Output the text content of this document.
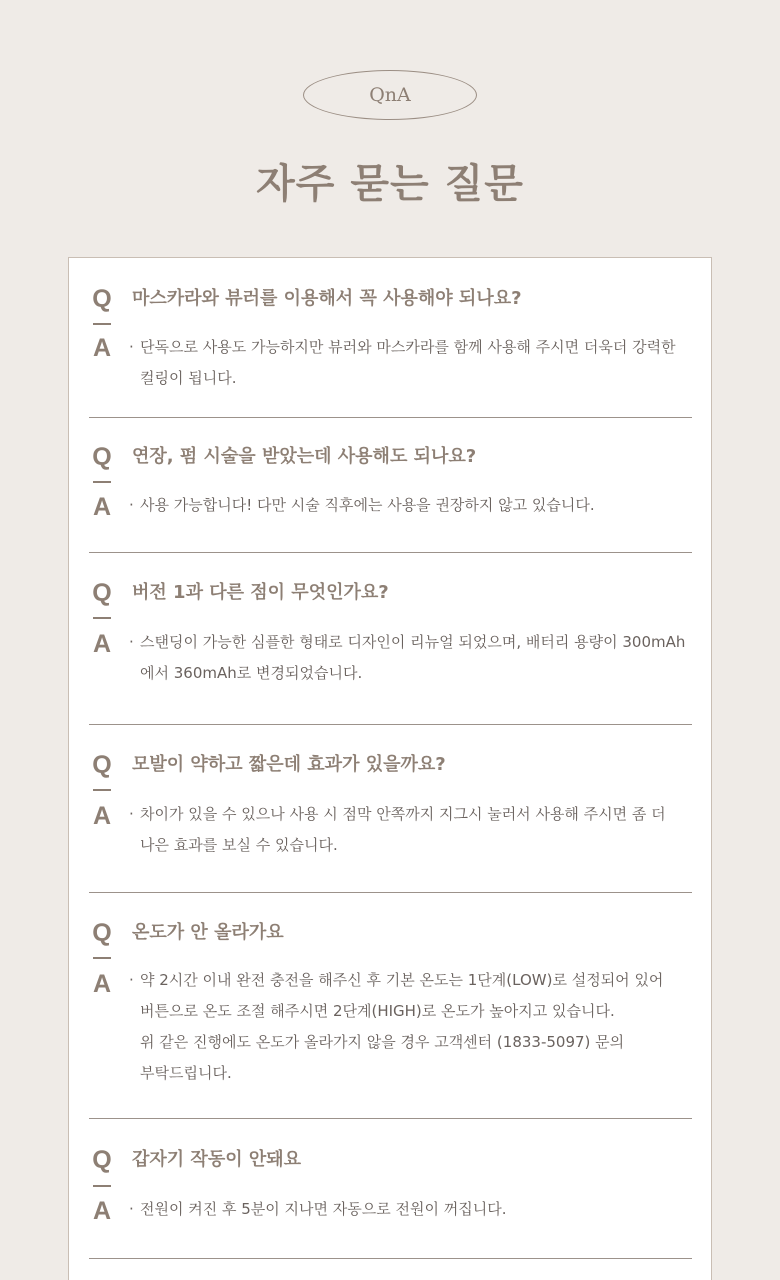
QnA
자주 묻는 질문
Q 마스카라와 뷰러를 이용해서 꼭 사용해야 되나요?
A · 단독으로 사용도 가능하지만 뷰러와 마스카라를 함께 사용해 주시면 더욱더 강력한
컬링이 됩니다.
Q 연장, 펌 시술을 받았는데 사용해도 되나요?
A · 사용 가능합니다! 다만 시술 직후에는 사용을 권장하지 않고 있습니다.
Q 버전 1과 다른 점이 무엇인가요?
A · 스탠딩이 가능한 심플한 형태로 디자인이 리뉴얼 되었으며, 배터리 용량이 300mAh
에서 360mAh로 변경되었습니다.
Q 모발이 약하고 짧은데 효과가 있을까요?
A · 차이가 있을 수 있으나 사용 시 점막 안쪽까지 지그시 눌러서 사용해 주시면 좀 더
나은 효과를 보실 수 있습니다.
Q 온도가 안 올라가요
A · 약 2시간 이내 완전 충전을 해주신 후 기본 온도는 1단계(LOW)로 설정되어 있어
버튼으로 온도 조절 해주시면 2단계(HIGH)로 온도가 높아지고 있습니다.
위 같은 진행에도 온도가 올라가지 않을 경우 고객센터 (1833-5097) 문의
부탁드립니다.
Q 갑자기 작동이 안돼요
A · 전원이 켜진 후 5분이 지나면 자동으로 전원이 꺼집니다.
